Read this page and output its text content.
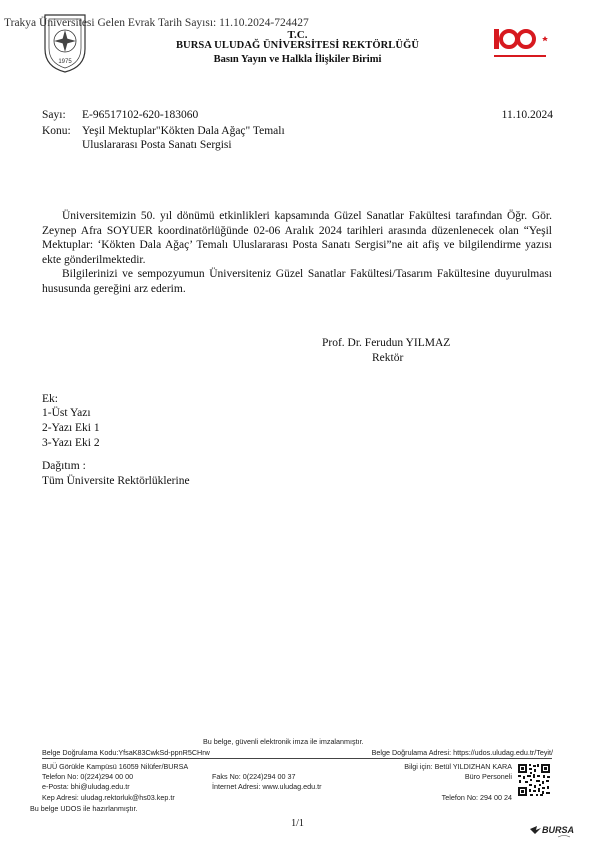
Trakya Üniversitesi Gelen Evrak Tarih Sayısı: 11.10.2024-724427
1975
T.C.
BURSA ULUDAĞ ÜNİVERSİTESİ REKTÖRLÜĞÜ
Basın Yayın ve Halkla İlişkiler Birimi
Sayı: E-96517102-620-183060	11.10.2024
Konu: Yeşil Mektuplar"Kökten Dala Ağaç" Temalı
Uluslararası Posta Sanatı Sergisi

Üniversitemizin 50. yıl dönümü etkinlikleri kapsamında Güzel Sanatlar Fakültesi tarafından Öğr. Gör. Zeynep Afra SOYUER koordinatörlüğünde 02-06 Aralık 2024 tarihleri arasında düzenlenecek olan “Yeşil Mektuplar: ‘Kökten Dala Ağaç’ Temalı Uluslararası Posta Sanatı Sergisi”ne ait afiş ve bilgilendirme yazısı ekte gönderilmektedir.

Bilgilerinizi ve sempozyumun Üniversiteniz Güzel Sanatlar Fakültesi/Tasarım Fakültesine duyurulması hususunda gereğini arz ederim.

Prof. Dr. Ferudun YILMAZ
Rektör
Ek:
1-Üst Yazı
2-Yazı Eki 1
3-Yazı Eki 2
Dağıtım :
Tüm Üniversite Rektörlüklerine
Bu belge, güvenli elektronik imza ile imzalanmıştır.
Belge Doğrulama Kodu:YfsaK83CwkSd-ppnR5CHrw	Belge Doğrulama Adresi: https://udos.uludag.edu.tr/Teyit/
BUÜ Görükle Kampüsü 16059 Nilüfer/BURSA
Telefon No: 0(224)294 00 00
e-Posta: bhi@uludag.edu.tr
Kep Adresi: uludag.rektorluk@hs03.kep.tr
Faks No: 0(224)294 00 37
İnternet Adresi: www.uludag.edu.tr
Bilgi için: Betül YILDIZHAN KARA
Büro Personeli
Telefon No: 294 00 24
Bu belge UDOS ile hazırlanmıştır.
1/1
BURSA
